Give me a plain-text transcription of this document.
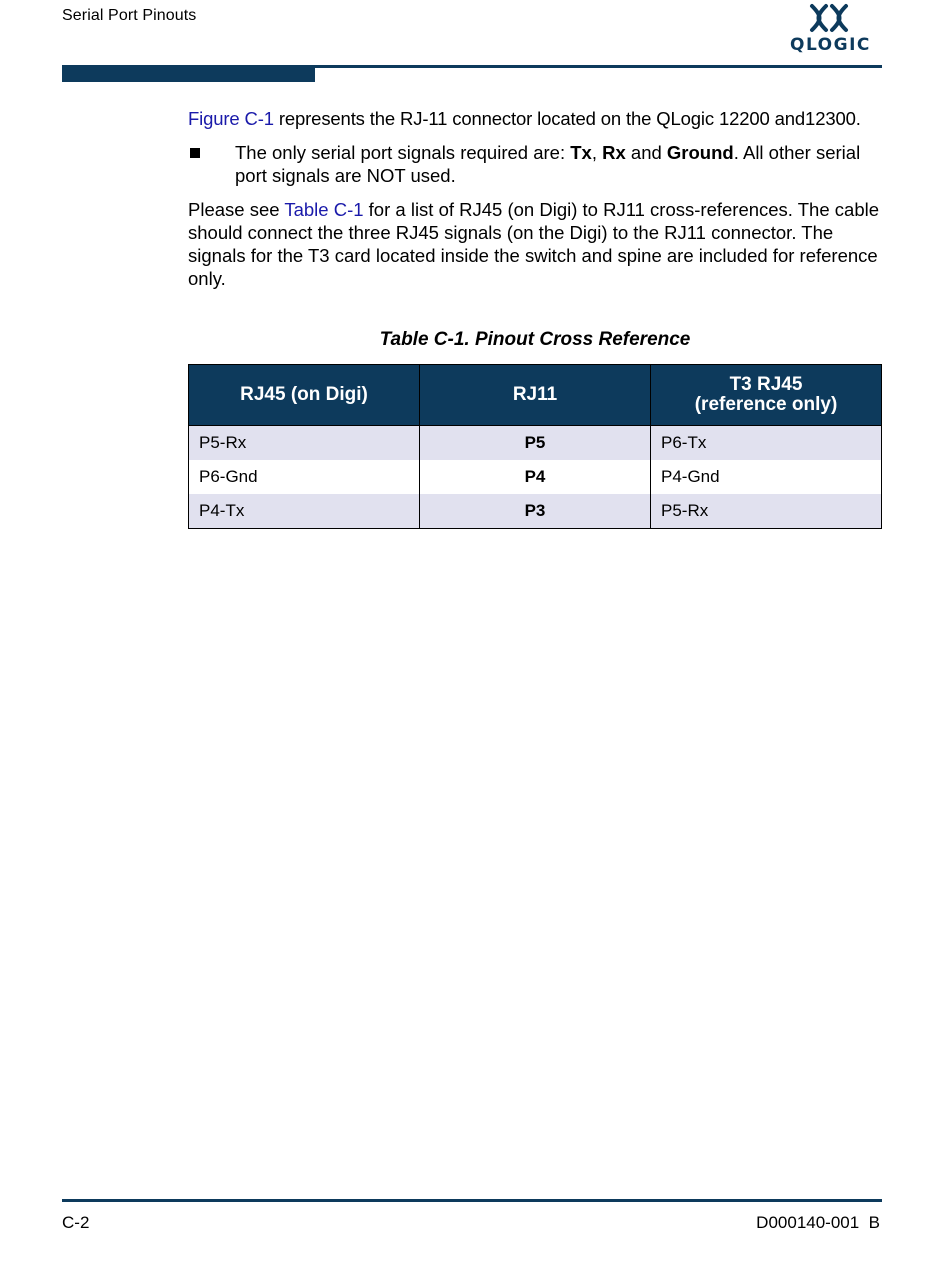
Serial Port Pinouts
QLOGIC

Figure C-1 represents the RJ-11 connector located on the QLogic 12200 and12300.

The only serial port signals required are: Tx, Rx and Ground. All other serial port signals are NOT used.

Please see Table C-1 for a list of RJ45 (on Digi) to RJ11 cross-references. The cable should connect the three RJ45 signals (on the Digi) to the RJ11 connector. The signals for the T3 card located inside the switch and spine are included for reference only.

Table C-1. Pinout Cross Reference
RJ45 (on Digi)	RJ11	T3 RJ45
(reference only)

P5-Rx	P5	P6-Tx
P6-Gnd	P4	P4-Gnd
P4-Tx	P3	P5-Rx
C-2	D000140-001  B
